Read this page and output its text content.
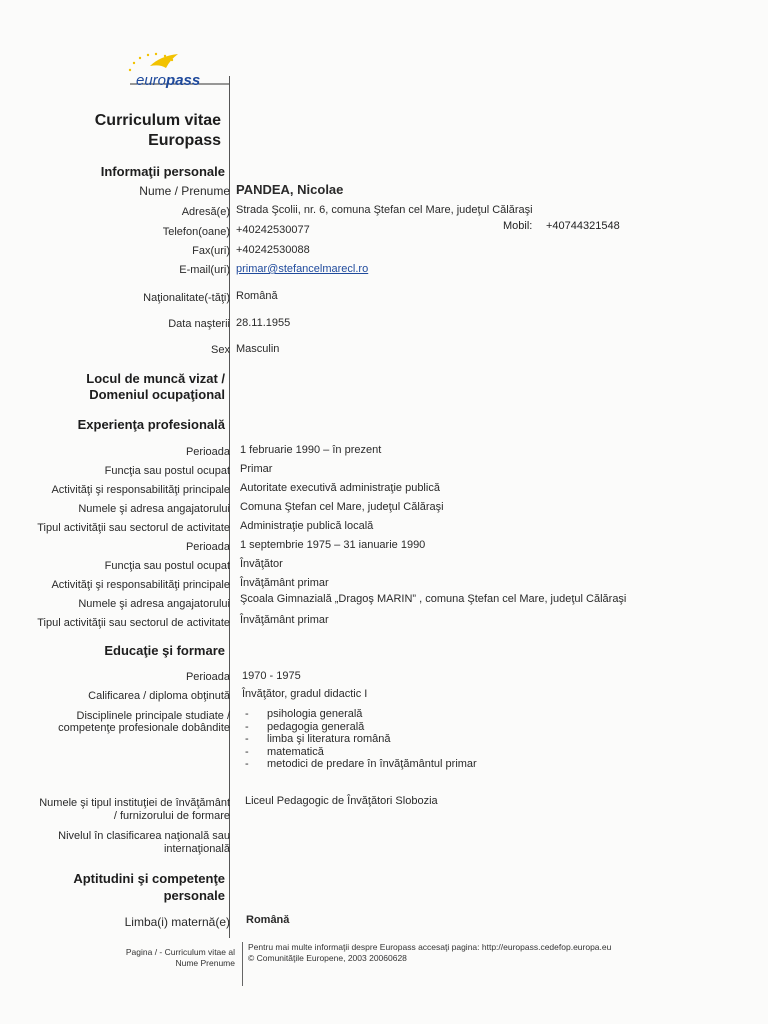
europass
Curriculum vitae
Europass
Informaţii personale
Nume / Prenume PANDEA, Nicolae
Adresă(e) Strada Şcolii, nr. 6, comuna Ştefan cel Mare, judeţul Călăraşi
Telefon(oane) +40242530077	Mobil: +40744321548
Fax(uri) +40242530088
E-mail(uri) primar@stefancelmarecl.ro
Naţionalitate(-tăţi) Română
Data naşterii 28.11.1955
Sex Masculin
Locul de muncă vizat /
Domeniul ocupaţional
Experienţa profesională
Perioada 1 februarie 1990 – în prezent
Funcţia sau postul ocupat Primar
Activităţi şi responsabilităţi principale Autoritate executivă administraţie publică
Numele şi adresa angajatorului Comuna Ştefan cel Mare, judeţul Călăraşi
Tipul activităţii sau sectorul de activitate Administraţie publică locală
Perioada 1 septembrie 1975 – 31 ianuarie 1990
Funcţia sau postul ocupat Învăţător
Activităţi şi responsabilităţi principale Învăţământ primar
Numele şi adresa angajatorului Şcoala Gimnazială „Dragoş MARIN” , comuna Ştefan cel Mare, judeţul Călăraşi
Tipul activităţii sau sectorul de activitate Învăţământ primar
Educaţie şi formare
Perioada 1970 - 1975
Calificarea / diploma obţinută Învăţător, gradul didactic I
Disciplinele principale studiate /
competenţe profesionale dobândite
- psihologia generală
- pedagogia generală
- limba şi literatura română
- matematică
- metodici de predare în învăţământul primar
Numele şi tipul instituţiei de învăţământ
/ furnizorului de formare
Liceul Pedagogic de Învăţători Slobozia
Nivelul în clasificarea naţională sau
internaţională
Aptitudini şi competenţe
personale
Limba(i) maternă(e) Română
Pagina / - Curriculum vitae al
Nume Prenume
Pentru mai multe informaţii despre Europass accesaţi pagina: http://europass.cedefop.europa.eu
© Comunităţile Europene, 2003 20060628
